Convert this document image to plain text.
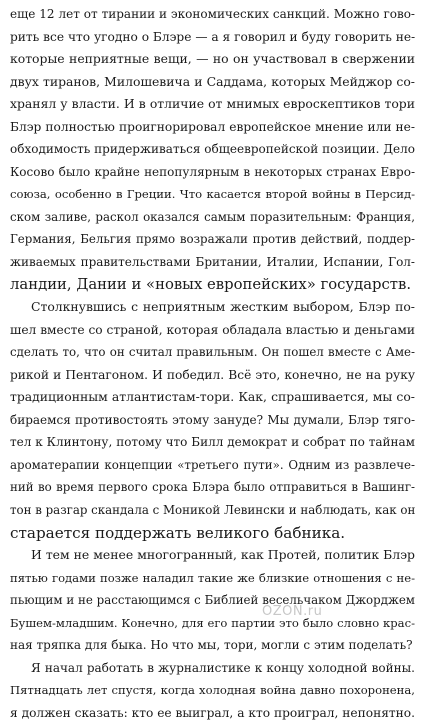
еще 12 лет от тирании и экономических санкций. Можно гово-
рить все что угодно о Блэре — а я говорил и буду говорить не-
которые неприятные вещи, — но он участвовал в свержении
двух тиранов, Милошевича и Саддама, которых Мейджор со-
хранял у власти. И в отличие от мнимых евроскептиков тори
Блэр полностью проигнорировал европейское мнение или не-
обходимость придерживаться общеевропейской позиции. Дело
Косово было крайне непопулярным в некоторых странах Евро-
союза, особенно в Греции. Что касается второй войны в Персид-
ском заливе, раскол оказался самым поразительным: Франция,
Германия, Бельгия прямо возражали против действий, поддер-
живаемых правительствами Британии, Италии, Испании, Гол-
ландии, Дании и «новых европейских» государств.

Столкнувшись с неприятным жестким выбором, Блэр по-
шел вместе со страной, которая обладала властью и деньгами
сделать то, что он считал правильным. Он пошел вместе с Аме-
рикой и Пентагоном. И победил. Всё это, конечно, не на руку
традиционным атлантистам-тори. Как, спрашивается, мы со-
бираемся противостоять этому зануде? Мы думали, Блэр тяго-
тел к Клинтону, потому что Билл демократ и собрат по тайнам
ароматерапии концепции «третьего пути». Одним из развлече-
ний во время первого срока Блэра было отправиться в Вашинг-
тон в разгар скандала с Моникой Левински и наблюдать, как он
старается поддержать великого бабника.

И тем не менее многогранный, как Протей, политик Блэр
пятью годами позже наладил такие же близкие отношения с не-
пьющим и не расстающимся с Библией весельчаком Джорджем
Бушем-младшим. Конечно, для его партии это было словно крас-
ная тряпка для быка. Но что мы, тори, могли с этим поделать?

Я начал работать в журналистике к концу холодной войны.
Пятнадцать лет спустя, когда холодная война давно похоронена,
я должен сказать: кто ее выиграл, а кто проиграл, непонятно.

OZON.ru
